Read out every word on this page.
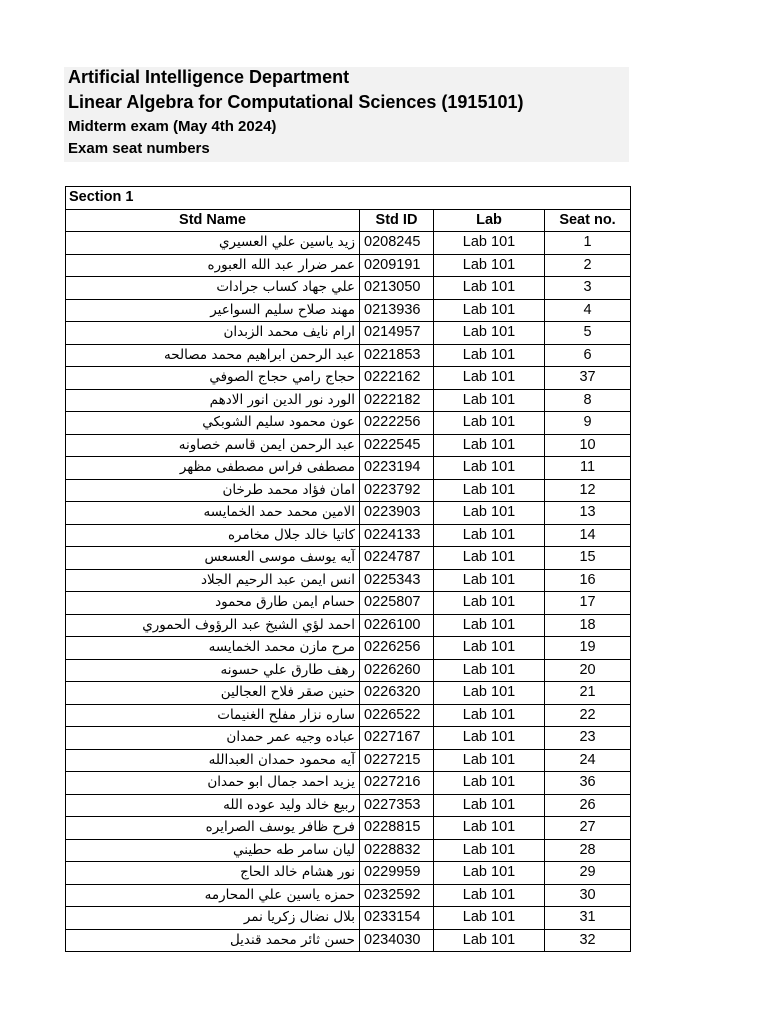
Artificial Intelligence Department
Linear Algebra for Computational Sciences (1915101)
Midterm exam (May 4th 2024)
Exam seat numbers
Section 1			
Std Name	Std ID	Lab	Seat no.
زيد ياسين علي العسيري	0208245	Lab 101	1
عمر ضرار عبد الله العبوره	0209191	Lab 101	2
علي جهاد كساب جرادات	0213050	Lab 101	3
مهند صلاح سليم السواعير	0213936	Lab 101	4
ارام نايف محمد الزبدان	0214957	Lab 101	5
عبد الرحمن ابراهيم محمد مصالحه	0221853	Lab 101	6
حجاج رامي حجاج الصوفي	0222162	Lab 101	37
الورد نور الدين انور الادهم	0222182	Lab 101	8
عون محمود سليم الشوبكي	0222256	Lab 101	9
عبد الرحمن ايمن قاسم خصاونه	0222545	Lab 101	10
مصطفى فراس مصطفى مظهر	0223194	Lab 101	11
امان فؤاد محمد طرخان	0223792	Lab 101	12
الامين محمد حمد الخمايسه	0223903	Lab 101	13
كاتيا خالد جلال مخامره	0224133	Lab 101	14
آيه يوسف موسى العسعس	0224787	Lab 101	15
انس ايمن عبد الرحيم الجلاد	0225343	Lab 101	16
حسام ايمن طارق محمود	0225807	Lab 101	17
احمد لؤي الشيخ عبد الرؤوف الحموري	0226100	Lab 101	18
مرح مازن محمد الخمايسه	0226256	Lab 101	19
رهف طارق علي حسونه	0226260	Lab 101	20
حنين صقر فلاح العجالين	0226320	Lab 101	21
ساره نزار مفلح الغنيمات	0226522	Lab 101	22
عباده وجيه عمر حمدان	0227167	Lab 101	23
آيه محمود حمدان العبدالله	0227215	Lab 101	24
يزيد احمد جمال ابو حمدان	0227216	Lab 101	36
ربيع خالد وليد عوده الله	0227353	Lab 101	26
فرح ظافر يوسف الصرايره	0228815	Lab 101	27
ليان سامر طه حطيني	0228832	Lab 101	28
نور هشام خالد الحاج	0229959	Lab 101	29
حمزه ياسين علي المحارمه	0232592	Lab 101	30
بلال نضال زكريا نمر	0233154	Lab 101	31
حسن ثائر محمد قنديل	0234030	Lab 101	32
